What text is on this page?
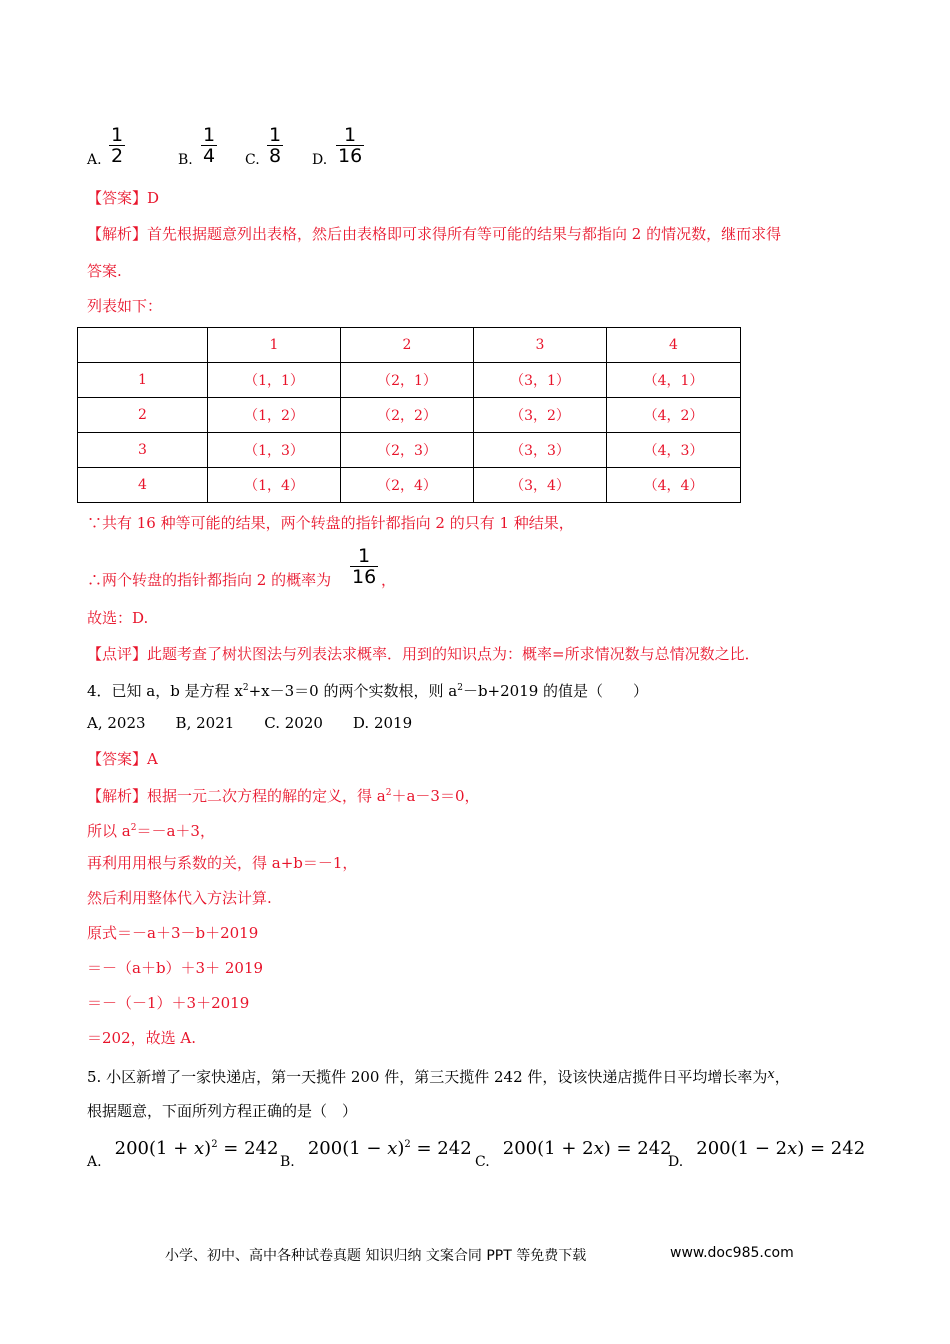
A. $\frac{1}{2}$	B. $\frac{1}{4} C$. $\frac{1}{8} D$. $\frac{1}{16}$
【答案】D
【解析】首先根据题意列出表格，然后由表格即可求得所有等可能的结果与都指向 2 的情况数，继而求得
答案.
列表如下：
	1	2	3	4
1	（1，1）	（2，1）	（3，1）	（4，1）
2	（1，2）	（2，2）	（3，2）	（4，2）
3	（1，3）	（2，3）	（3，3）	（4，3）
4	（1，4）	（2，4）	（3，4）	（4，4）
∵共有 16 种等可能的结果，两个转盘的指针都指向 2 的只有 1 种结果，
∴两个转盘的指针都指向 2 的概率为 $\frac{1}{16}$ ，
故选：D.
【点评】此题考查了树状图法与列表法求概率．用到的知识点为：概率=所求情况数与总情况数之比．
4．已知 a，b 是方程 $x^2+x-3=0$ 的两个实数根，则 $a^2-b+2019$ 的值是（　　）
A, 2023　　B, 2021　　C. 2020　　D. 2019
【答案】A
【解析】根据一元二次方程的解的定义，得 $a^2+a-3=0$，
所以 $a^2=-a+3$，
再利用用根与系数的关，得 a+b＝－1，
然后利用整体代入方法计算.
原式＝－a＋3－b＋2019
＝－（a＋b）＋3＋ 2019
＝－（－1）＋3＋2019
＝202，故选 A.
5. 小区新增了一家快递店，第一天揽件 200 件，第三天揽件 242 件，设该快递店揽件日平均增长率为x，
根据题意，下面所列方程正确的是（　）
A. $200(1 + x)^2 = 242$
B. $200(1 - x)^2 = 242$
C. 200(1 + 2x) = 242
D. 200(1 − 2x) = 242
小学、初中、高中各种试卷真题 知识归纳 文案合同 PPT 等免费下载	www.doc985.com
